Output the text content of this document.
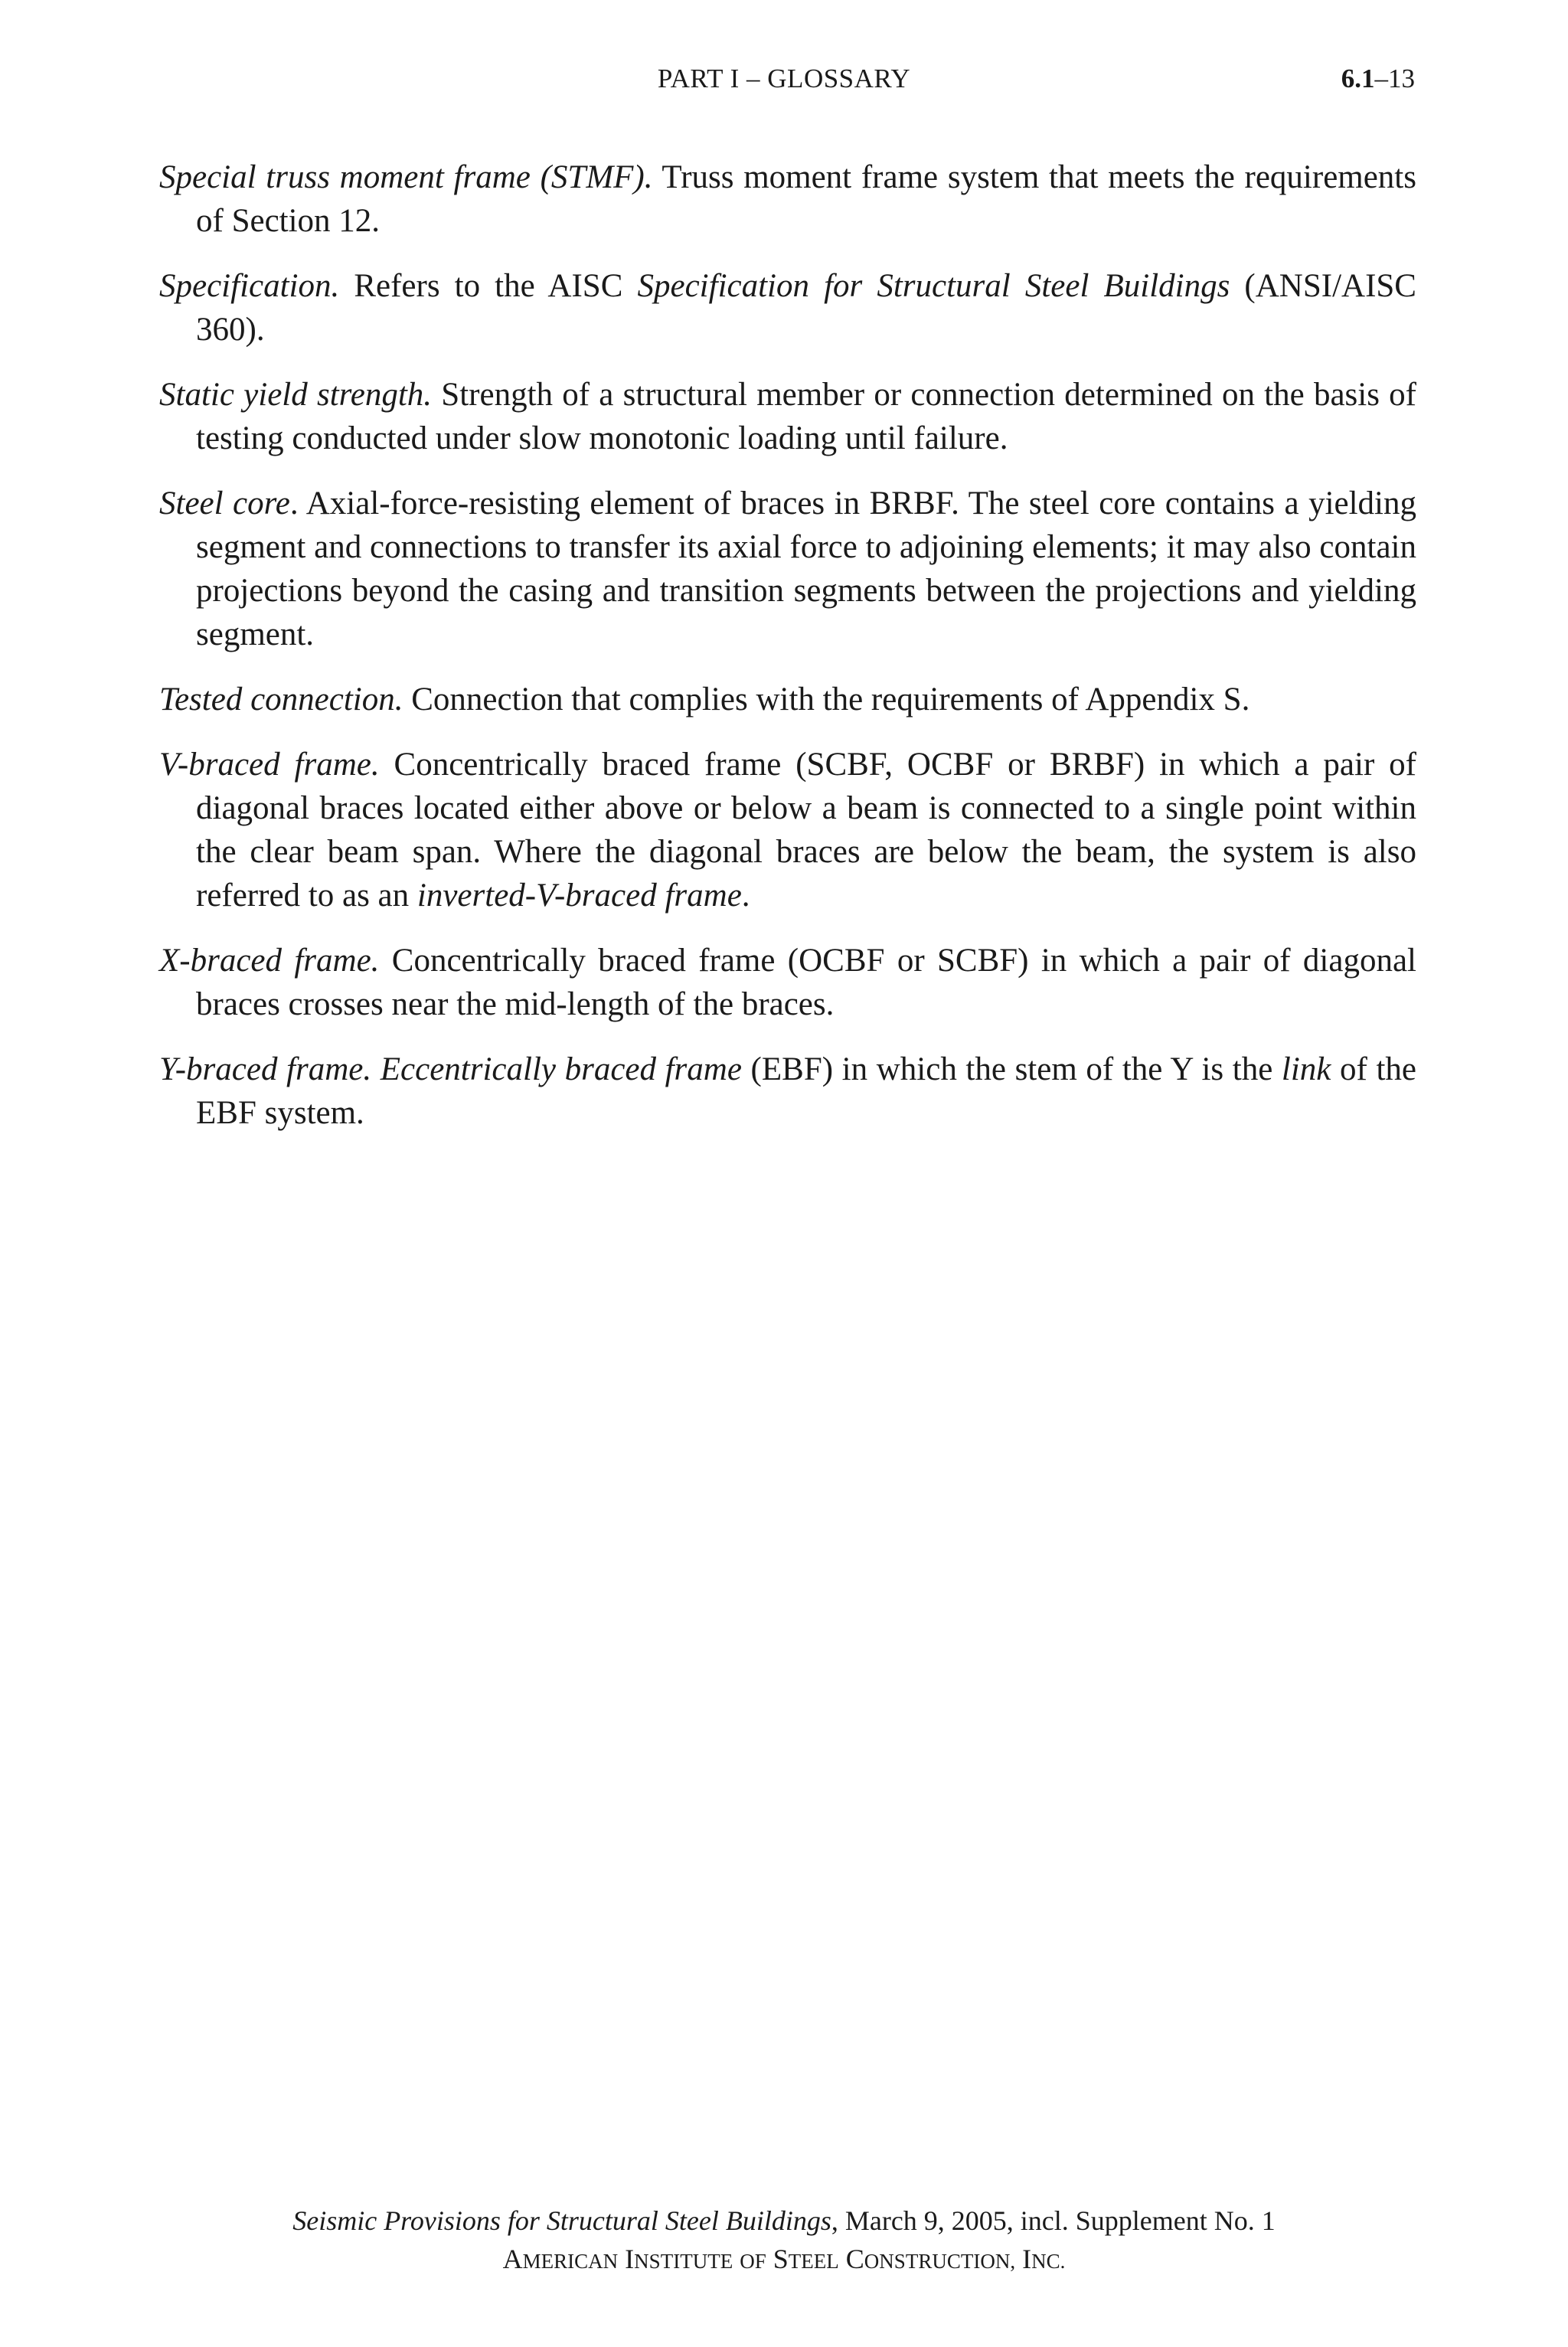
PART I – GLOSSARY	6.1–13

Special truss moment frame (STMF). Truss moment frame system that meets the requirements of Section 12.

Specification. Refers to the AISC Specification for Structural Steel Buildings (ANSI/AISC 360).

Static yield strength. Strength of a structural member or connection determined on the basis of testing conducted under slow monotonic loading until failure.

Steel core. Axial-force-resisting element of braces in BRBF. The steel core contains a yielding segment and connections to transfer its axial force to adjoining elements; it may also contain projections beyond the casing and transition segments between the projections and yielding segment.

Tested connection. Connection that complies with the requirements of Appendix S.

V-braced frame. Concentrically braced frame (SCBF, OCBF or BRBF) in which a pair of diagonal braces located either above or below a beam is connected to a single point within the clear beam span. Where the diagonal braces are below the beam, the system is also referred to as an inverted-V-braced frame.

X-braced frame. Concentrically braced frame (OCBF or SCBF) in which a pair of diagonal braces crosses near the mid-length of the braces.

Y-braced frame. Eccentrically braced frame (EBF) in which the stem of the Y is the link of the EBF system.

Seismic Provisions for Structural Steel Buildings, March 9, 2005, incl. Supplement No. 1
AMERICAN INSTITUTE OF STEEL CONSTRUCTION, INC.
